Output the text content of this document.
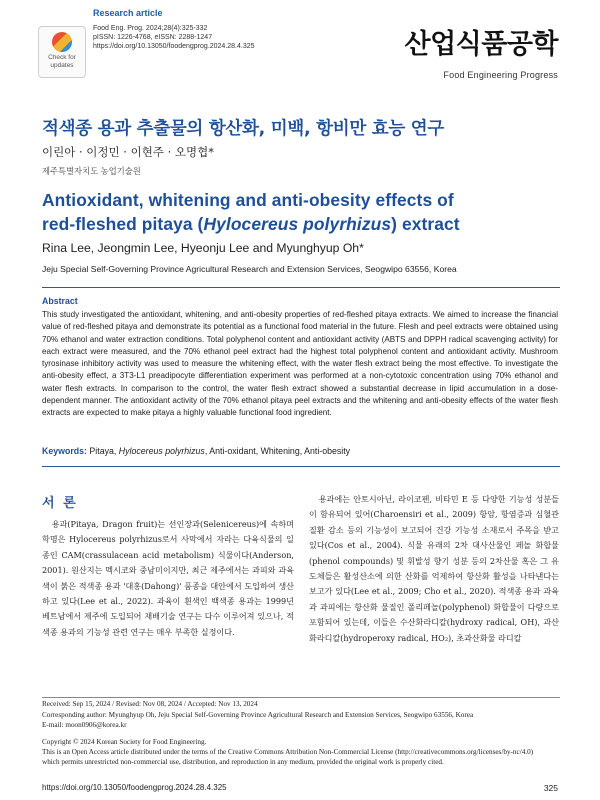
Check for
updates
Research article
Food Eng. Prog. 2024;28(4):325-332
pISSN: 1226-4768, eISSN: 2288-1247
https://doi.org/10.13050/foodengprog.2024.28.4.325	산업식품공학
Food Engineering Progress
적색종 용과 추출물의 항산화, 미백, 항비만 효능 연구
이린아 · 이정민 · 이현주 · 오명협*
제주특별자치도 농업기술원
Antioxidant, whitening and anti-obesity effects of
red-fleshed pitaya (Hylocereus polyrhizus) extract
Rina Lee, Jeongmin Lee, Hyeonju Lee and Myunghyup Oh*
Jeju Special Self-Governing Province Agricultural Research and Extension Services, Seogwipo 63556, Korea
Abstract
This study investigated the antioxidant, whitening, and anti-obesity properties of red-fleshed pitaya extracts. We aimed to increase the financial value of red-fleshed pitaya and demonstrate its potential as a functional food material in the future. Flesh and peel extracts were obtained using 70% ethanol and water extraction conditions. Total polyphenol content and antioxidant activity (ABTS and DPPH radical scavenging activity) for each extract were measured, and the 70% ethanol peel extract had the highest total polyphenol content and antioxidant activity. Mushroom tyrosinase inhibitory activity was used to measure the whitening effect, with the water flesh extract being the most effective. To investigate the anti-obesity effect, a 3T3-L1 preadipocyte differentiation experiment was performed at a non-cytotoxic concentration using 70% ethanol and water flesh extracts. In comparison to the control, the water flesh extract showed a substantial decrease in lipid accumulation in a dose-dependent manner. The antioxidant activity of the 70% ethanol pitaya peel extracts and the whitening and anti-obesity effects of the water flesh extracts are expected to make pitaya a highly valuable functional food ingredient.
Keywords: Pitaya, Hylocereus polyrhizus, Anti-oxidant, Whitening, Anti-obesity
서 론
용과(Pitaya, Dragon fruit)는 선인장과(Selenicereus)에 속하며 학명은 Hylocereus polyrhizus로서 사막에서 자라는 다육식물의 일종인 CAM(crassulacean acid metabolism) 식물이다(Anderson, 2001). 원산지는 멕시코와 중남미이지만, 최근 제주에서는 과피와 과육색이 붉은 적색종 용과 '대홍(Dahong)' 품종을 대안에서 도입하여 생산하고 있다(Lee et al., 2022). 과육이 흰색인 백색종 용과는 1999년 베트남에서 제주에 도입되어 재배기술 연구는 다수 이루어져 있으나, 적색종 용과의 기능성 관련 연구는 매우 부족한 실정이다.
용과에는 안토시아닌, 라이코펜, 비타민 E 등 다양한 기능성 성분들이 함유되어 있어(Charoensiri et al., 2009) 항암, 항염증과 심혈관 질환 감소 등의 기능성이 보고되어 건강 기능성 소재로서 주목을 받고 있다(Cos et al., 2004). 식물 유래의 2차 대사산물인 페놀 화합물(phenol compounds) 및 휘발성 향기 성분 등의 2차산물 혹은 그 유도체들은 활성산소에 의한 산화를 억제하여 항산화 활성을 나타낸다는 보고가 있다(Lee et al., 2009; Cho et al., 2020). 적색종 용과 과육과 과피에는 항산화 물질인 폴리페놀(polyphenol) 화합물이 다량으로 포함되어 있는데, 이들은 수산화라디칼(hydroxy radical, OH), 과산화라디칼(hydroperoxy radical, HO₂), 초과산화물 라디칼
Received: Sep 15, 2024 / Revised: Nov 08, 2024 / Accepted: Nov 13, 2024
Corresponding author: Myunghyup Oh, Jeju Special Self-Governing Province Agricultural Research and Extension Services, Seogwipo 63556, Korea
E-mail: moon0906@korea.kr
Copyright © 2024 Korean Society for Food Engineering.
This is an Open Access article distributed under the terms of the Creative Commons Attribution Non-Commercial License (http://creativecommons.org/licenses/by-nc/4.0)
which permits unrestricted non-commercial use, distribution, and reproduction in any medium, provided the original work is properly cited.
https://doi.org/10.13050/foodengprog.2024.28.4.325	325
